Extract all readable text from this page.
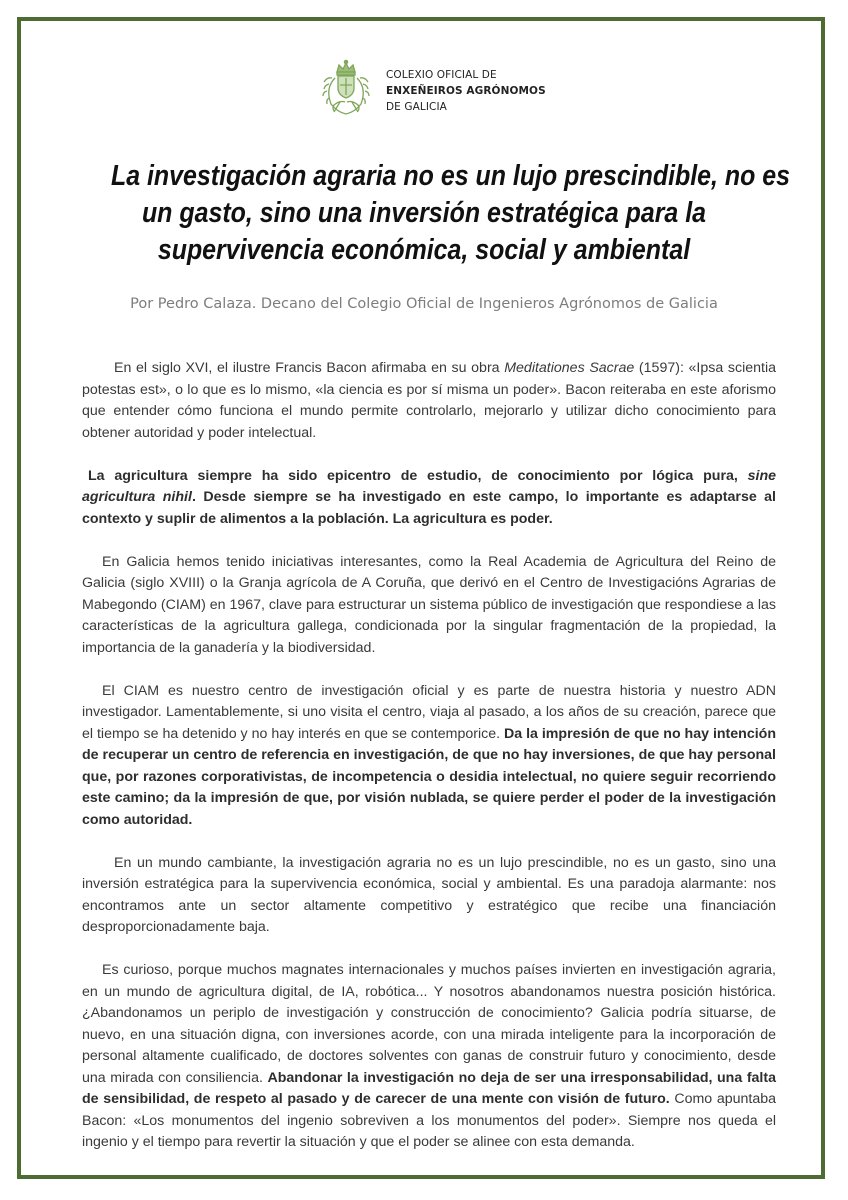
COLEXIO OFICIAL DE
ENXEÑEIROS AGRÓNOMOS
DE GALICIA
La investigación agraria no es un lujo prescindible, no es
un gasto, sino una inversión estratégica para la
supervivencia económica, social y ambiental
Por Pedro Calaza. Decano del Colegio Oficial de Ingenieros Agrónomos de Galicia

En el siglo XVI, el ilustre Francis Bacon afirmaba en su obra Meditationes Sacrae (1597): «Ipsa scientia potestas est», o lo que es lo mismo, «la ciencia es por sí misma un poder». Bacon reiteraba en este aforismo que entender cómo funciona el mundo permite controlarlo, mejorarlo y utilizar dicho conocimiento para obtener autoridad y poder intelectual.

La agricultura siempre ha sido epicentro de estudio, de conocimiento por lógica pura, sine agricultura nihil. Desde siempre se ha investigado en este campo, lo importante es adaptarse al contexto y suplir de alimentos a la población. La agricultura es poder.

En Galicia hemos tenido iniciativas interesantes, como la Real Academia de Agricultura del Reino de Galicia (siglo XVIII) o la Granja agrícola de A Coruña, que derivó en el Centro de Investigacións Agrarias de Mabegondo (CIAM) en 1967, clave para estructurar un sistema público de investigación que respondiese a las características de la agricultura gallega, condicionada por la singular fragmentación de la propiedad, la importancia de la ganadería y la biodiversidad.

El CIAM es nuestro centro de investigación oficial y es parte de nuestra historia y nuestro ADN investigador. Lamentablemente, si uno visita el centro, viaja al pasado, a los años de su creación, parece que el tiempo se ha detenido y no hay interés en que se contemporice. Da la impresión de que no hay intención de recuperar un centro de referencia en investigación, de que no hay inversiones, de que hay personal que, por razones corporativistas, de incompetencia o desidia intelectual, no quiere seguir recorriendo este camino; da la impresión de que, por visión nublada, se quiere perder el poder de la investigación como autoridad.

En un mundo cambiante, la investigación agraria no es un lujo prescindible, no es un gasto, sino una inversión estratégica para la supervivencia económica, social y ambiental. Es una paradoja alarmante: nos encontramos ante un sector altamente competitivo y estratégico que recibe una financiación desproporcionadamente baja.

Es curioso, porque muchos magnates internacionales y muchos países invierten en investigación agraria, en un mundo de agricultura digital, de IA, robótica... Y nosotros abandonamos nuestra posición histórica. ¿Abandonamos un periplo de investigación y construcción de conocimiento? Galicia podría situarse, de nuevo, en una situación digna, con inversiones acorde, con una mirada inteligente para la incorporación de personal altamente cualificado, de doctores solventes con ganas de construir futuro y conocimiento, desde una mirada con consiliencia. Abandonar la investigación no deja de ser una irresponsabilidad, una falta de sensibilidad, de respeto al pasado y de carecer de una mente con visión de futuro. Como apuntaba Bacon: «Los monumentos del ingenio sobreviven a los monumentos del poder». Siempre nos queda el ingenio y el tiempo para revertir la situación y que el poder se alinee con esta demanda.
